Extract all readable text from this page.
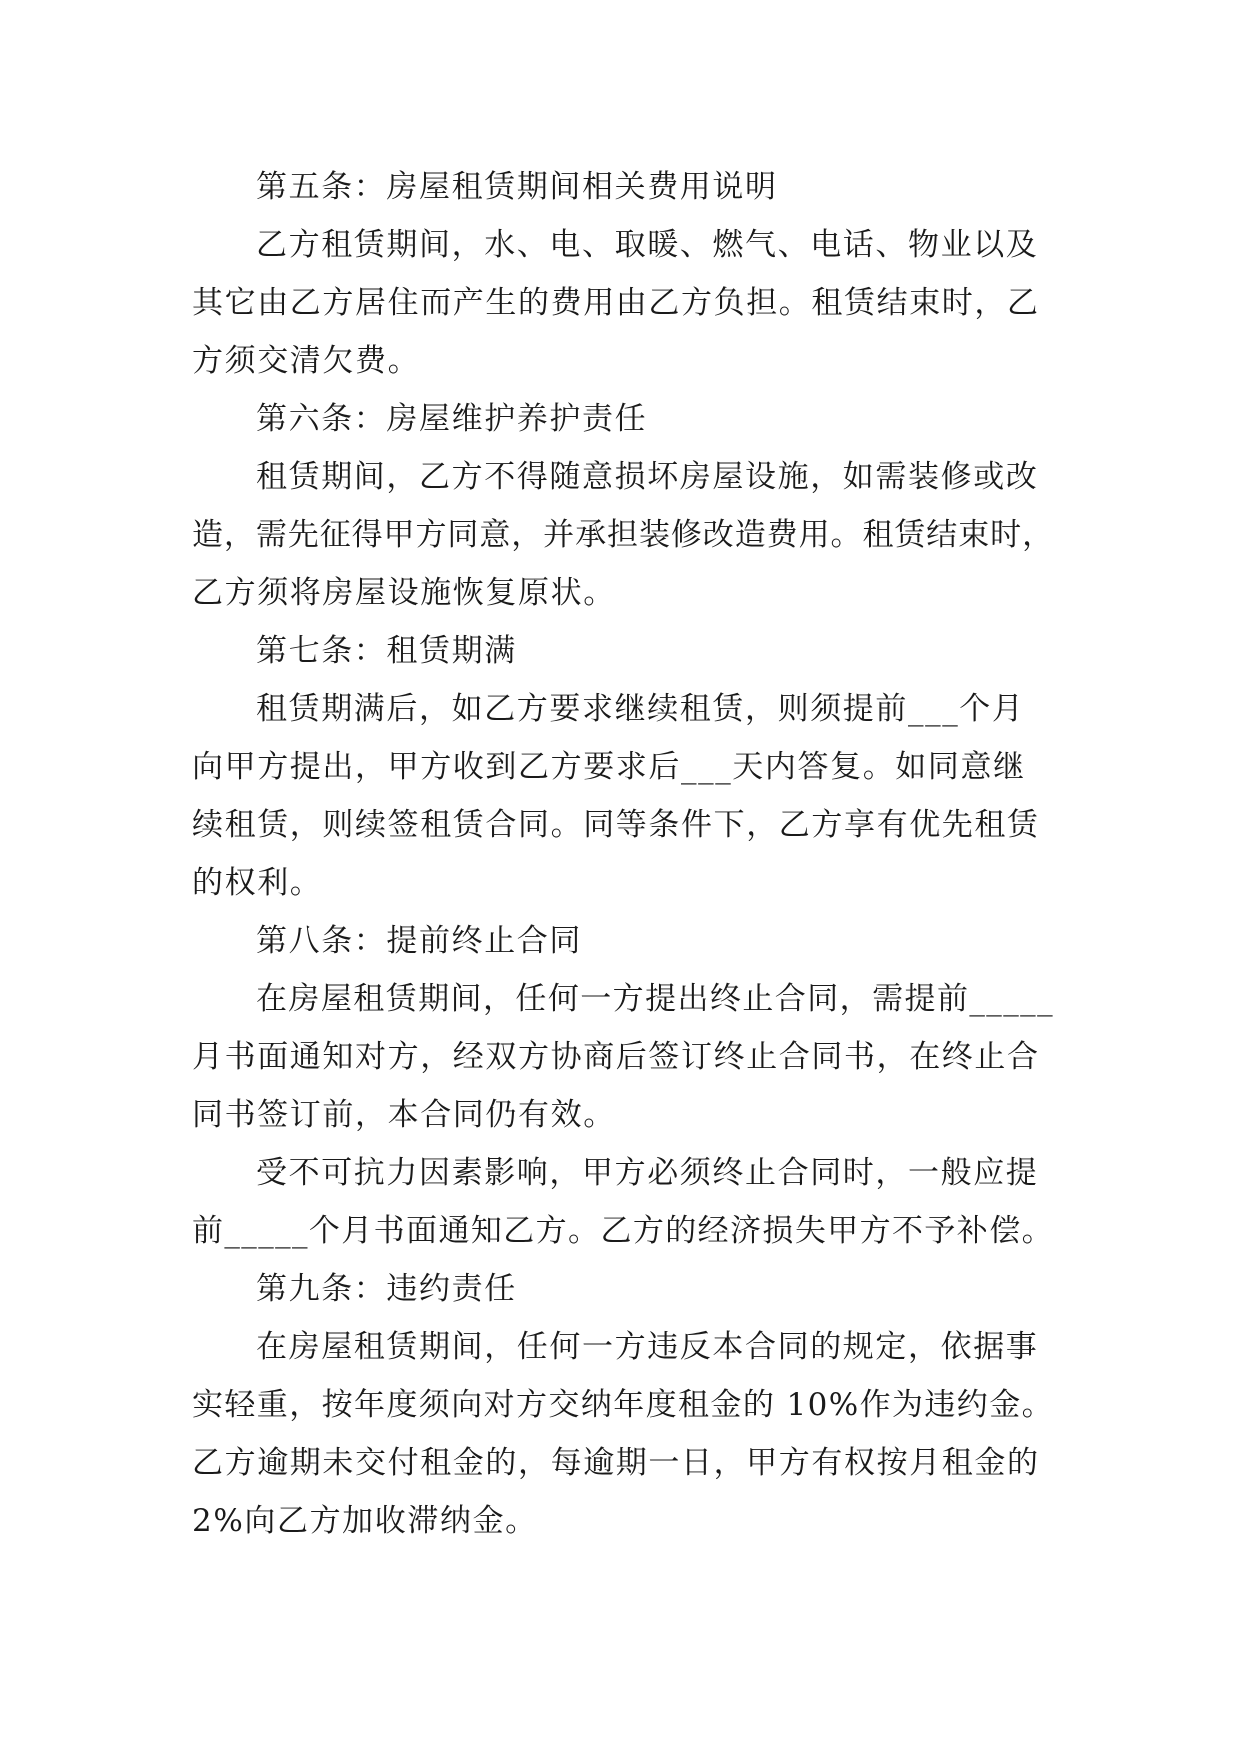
第五条：房屋租赁期间相关费用说明
乙方租赁期间，水、电、取暖、燃气、电话、物业以及
其它由乙方居住而产生的费用由乙方负担。租赁结束时，乙
方须交清欠费。
第六条：房屋维护养护责任
租赁期间，乙方不得随意损坏房屋设施，如需装修或改
造，需先征得甲方同意，并承担装修改造费用。租赁结束时，
乙方须将房屋设施恢复原状。
第七条：租赁期满
租赁期满后，如乙方要求继续租赁，则须提前___个月
向甲方提出，甲方收到乙方要求后___天内答复。如同意继
续租赁，则续签租赁合同。同等条件下，乙方享有优先租赁
的权利。
第八条：提前终止合同
在房屋租赁期间，任何一方提出终止合同，需提前_____
月书面通知对方，经双方协商后签订终止合同书，在终止合
同书签订前，本合同仍有效。
受不可抗力因素影响，甲方必须终止合同时，一般应提
前_____个月书面通知乙方。乙方的经济损失甲方不予补偿。
第九条：违约责任
在房屋租赁期间，任何一方违反本合同的规定，依据事
实轻重，按年度须向对方交纳年度租金的 10%作为违约金。
乙方逾期未交付租金的，每逾期一日，甲方有权按月租金的
2%向乙方加收滞纳金。
